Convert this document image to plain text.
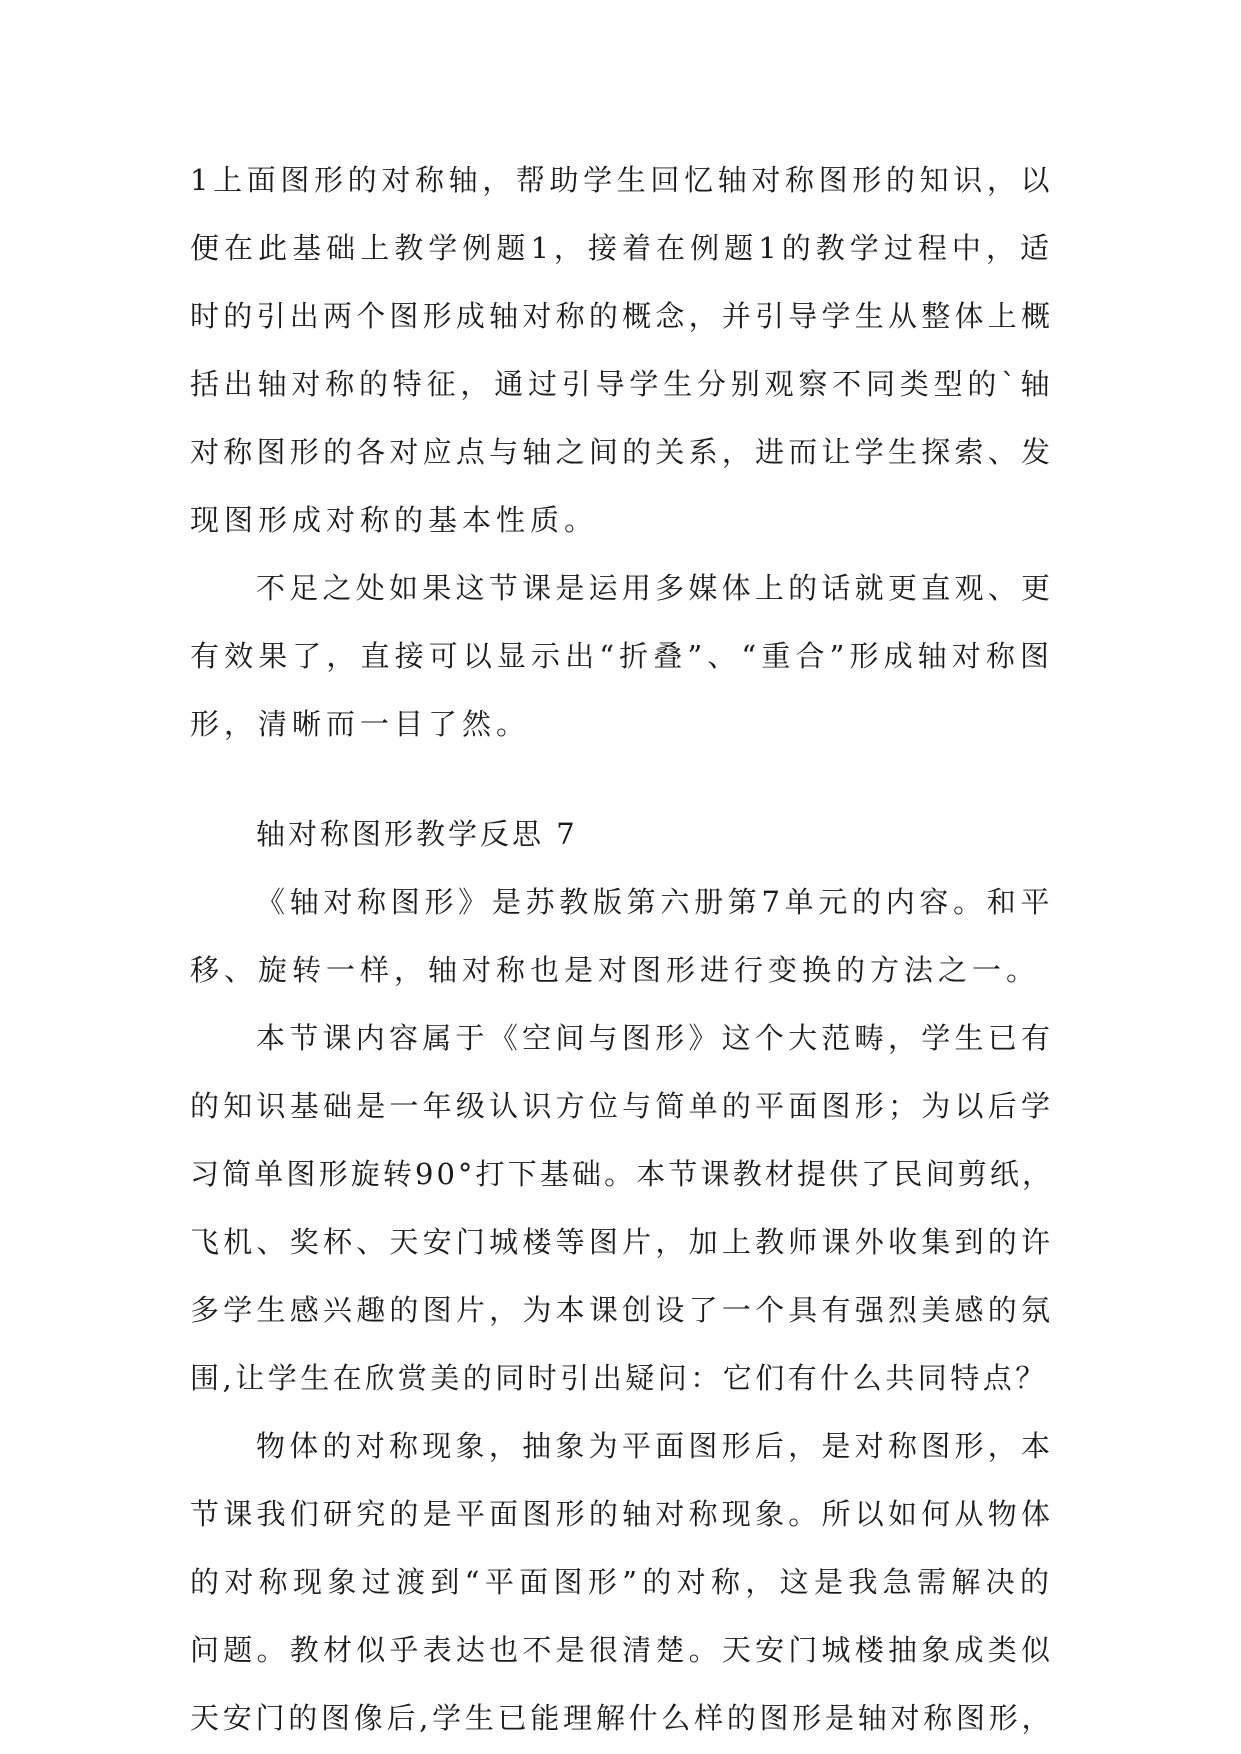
1上面图形的对称轴，帮助学生回忆轴对称图形的知识，以
便在此基础上教学例题1，接着在例题1的教学过程中，适
时的引出两个图形成轴对称的概念，并引导学生从整体上概
括出轴对称的特征，通过引导学生分别观察不同类型的`轴
对称图形的各对应点与轴之间的关系，进而让学生探索、发
现图形成对称的基本性质。
不足之处如果这节课是运用多媒体上的话就更直观、更
有效果了，直接可以显示出“折叠”、“重合”形成轴对称图
形，清晰而一目了然。
轴对称图形教学反思 7
《轴对称图形》是苏教版第六册第7单元的内容。和平
移、旋转一样，轴对称也是对图形进行变换的方法之一。
本节课内容属于《空间与图形》这个大范畴，学生已有
的知识基础是一年级认识方位与简单的平面图形；为以后学
习简单图形旋转90°打下基础。本节课教材提供了民间剪纸，
飞机、奖杯、天安门城楼等图片，加上教师课外收集到的许
多学生感兴趣的图片，为本课创设了一个具有强烈美感的氛
围,让学生在欣赏美的同时引出疑问：它们有什么共同特点？
物体的对称现象，抽象为平面图形后，是对称图形，本
节课我们研究的是平面图形的轴对称现象。所以如何从物体
的对称现象过渡到“平面图形”的对称，这是我急需解决的
问题。教材似乎表达也不是很清楚。天安门城楼抽象成类似
天安门的图像后,学生已能理解什么样的图形是轴对称图形，
